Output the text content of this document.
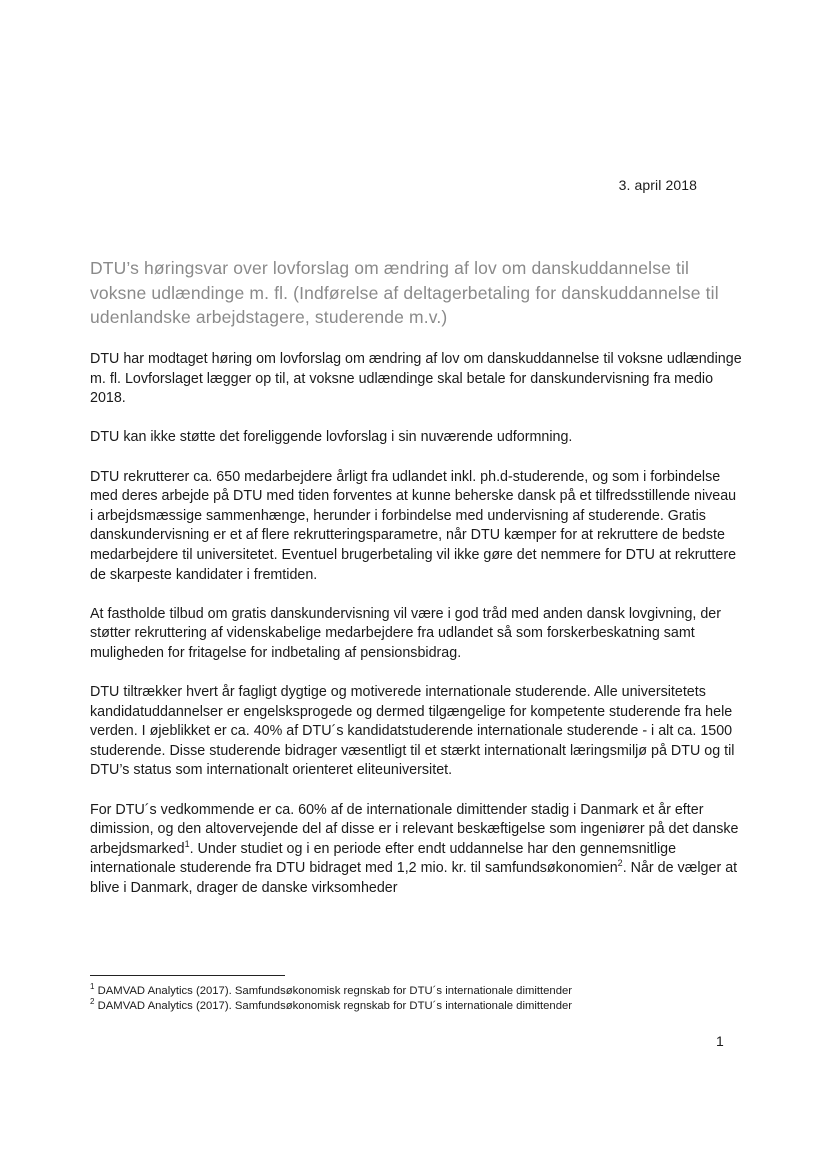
3. april 2018
DTU’s høringsvar over lovforslag om ændring af lov om danskuddannelse til voksne udlændinge m. fl. (Indførelse af deltagerbetaling for danskuddannelse til udenlandske arbejdstagere, studerende m.v.)

DTU har modtaget høring om lovforslag om ændring af lov om danskuddannelse til voksne udlændinge m. fl. Lovforslaget lægger op til, at voksne udlændinge skal betale for danskundervisning fra medio 2018.

DTU kan ikke støtte det foreliggende lovforslag i sin nuværende udformning.

DTU rekrutterer ca. 650 medarbejdere årligt fra udlandet inkl. ph.d-studerende, og som i forbindelse med deres arbejde på DTU med tiden forventes at kunne beherske dansk på et tilfredsstillende niveau i arbejdsmæssige sammenhænge, herunder i forbindelse med undervisning af studerende. Gratis danskundervisning er et af flere rekrutteringsparametre, når DTU kæmper for at rekruttere de bedste medarbejdere til universitetet. Eventuel brugerbetaling vil ikke gøre det nemmere for DTU at rekruttere de skarpeste kandidater i fremtiden.

At fastholde tilbud om gratis danskundervisning vil være i god tråd med anden dansk lovgivning, der støtter rekruttering af videnskabelige medarbejdere fra udlandet så som forskerbeskatning samt muligheden for fritagelse for indbetaling af pensionsbidrag.

DTU tiltrækker hvert år fagligt dygtige og motiverede internationale studerende. Alle universitetets kandidatuddannelser er engelsksprogede og dermed tilgængelige for kompetente studerende fra hele verden. I øjeblikket er ca. 40% af DTU´s kandidatstuderende internationale studerende - i alt ca. 1500 studerende. Disse studerende bidrager væsentligt til et stærkt internationalt læringsmiljø på DTU og til DTU’s status som internationalt orienteret eliteuniversitet.

For DTU´s vedkommende er ca. 60% af de internationale dimittender stadig i Danmark et år efter dimission, og den altovervejende del af disse er i relevant beskæftigelse som ingeniører på det danske arbejdsmarked$^1$. Under studiet og i en periode efter endt uddannelse har den gennemsnitlige internationale studerende fra DTU bidraget med 1,2 mio. kr. til samfundsøkonomien$^2$. Når de vælger at blive i Danmark, drager de danske virksomheder

$^1$ DAMVAD Analytics (2017). Samfundsøkonomisk regnskab for DTU´s internationale dimittender
$^2$ DAMVAD Analytics (2017). Samfundsøkonomisk regnskab for DTU´s internationale dimittender
1
